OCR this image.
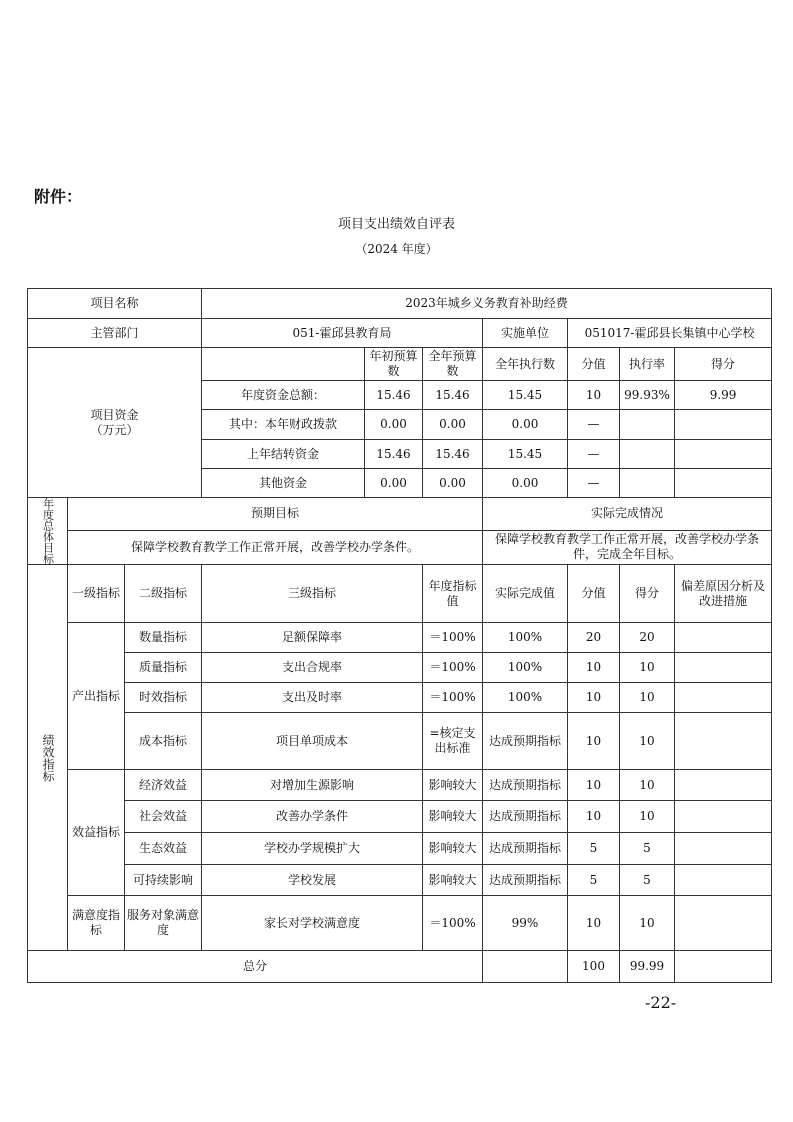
附件：
项目支出绩效自评表
（2024 年度）
项目名称			2023年城乡义务教育补助经费						
主管部门			051-霍邱县教育局			实施单位	051017-霍邱县长集镇中心学校		
项目资金
（万元）				年初预算数	全年预算数	全年执行数	分值	执行率	得分
			年度资金总额：	15.46	15.46	15.45	10	99.93%	9.99
			其中：本年财政拨款	0.00	0.00	0.00	—		
			上年结转资金	15.46	15.46	15.45	—		
			其他资金	0.00	0.00	0.00	—		
年度总体目标	预期目标					实际完成情况			
	保障学校教育教学工作正常开展，改善学校办学条件。					保障学校教育教学工作正常开展，改善学校办学条件，完成全年目标。			
绩效指标	一级指标	二级指标	三级指标		年度指标值	实际完成值	分值	得分	偏差原因分析及改进措施
	产出指标	数量指标	足额保障率		＝100%	100%	20	20	
		质量指标	支出合规率		＝100%	100%	10	10	
		时效指标	支出及时率		＝100%	100%	10	10	
		成本指标	项目单项成本		=核定支出标准	达成预期指标	10	10	
	效益指标	经济效益	对增加生源影响		影响较大	达成预期指标	10	10	
		社会效益	改善办学条件		影响较大	达成预期指标	10	10	
		生态效益	学校办学规模扩大		影响较大	达成预期指标	5	5	
		可持续影响	学校发展		影响较大	达成预期指标	5	5	
	满意度指标	服务对象满意度	家长对学校满意度		＝100%	99%	10	10	
总分							100	99.99	
-22-
